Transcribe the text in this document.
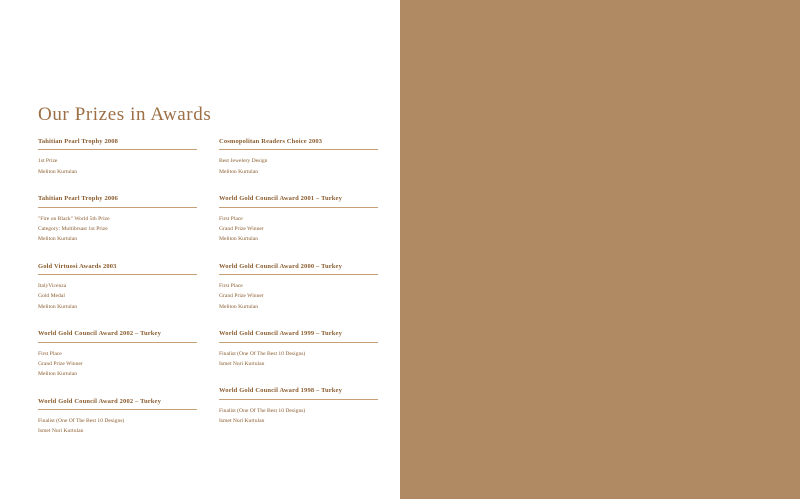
Our Prizes in Awards
Tahitian Pearl Trophy 2008
1st Prize
Meliton Kurtulan
Tahitian Pearl Trophy 2006
"Fire on Black" World 5th Prize
Category: Multibrsast 1st Prize
Meliton Kurtulan
Gold Virtuosi Awards 2003
ItalyVicenza
Gold Medal
Meliton Kurtulan
World Gold Council Award 2002 – Turkey
First Place
Grand Prize Winner
Meliton Kurtulan
World Gold Council Award 2002 – Turkey
Finalist (One Of The Best 10 Designs)
Ismet Nuri Kurtulan
Cosmopolitan Readers Choice 2003
Best Jewelery Design
Meliton Kurtulan
World Gold Council Award 2001 – Turkey
First Place
Grand Prize Winner
Meliton Kurtulan
World Gold Council Award 2000 – Turkey
First Place
Grand Prize Winner
Meliton Kurtulan
World Gold Council Award 1999 – Turkey
Finalist (One Of The Best 10 Designs)
Ismet Nuri Kurtulan
World Gold Council Award 1998 – Turkey
Finalist (One Of The Best 10 Designs)
Ismet Nuri Kurtulan
